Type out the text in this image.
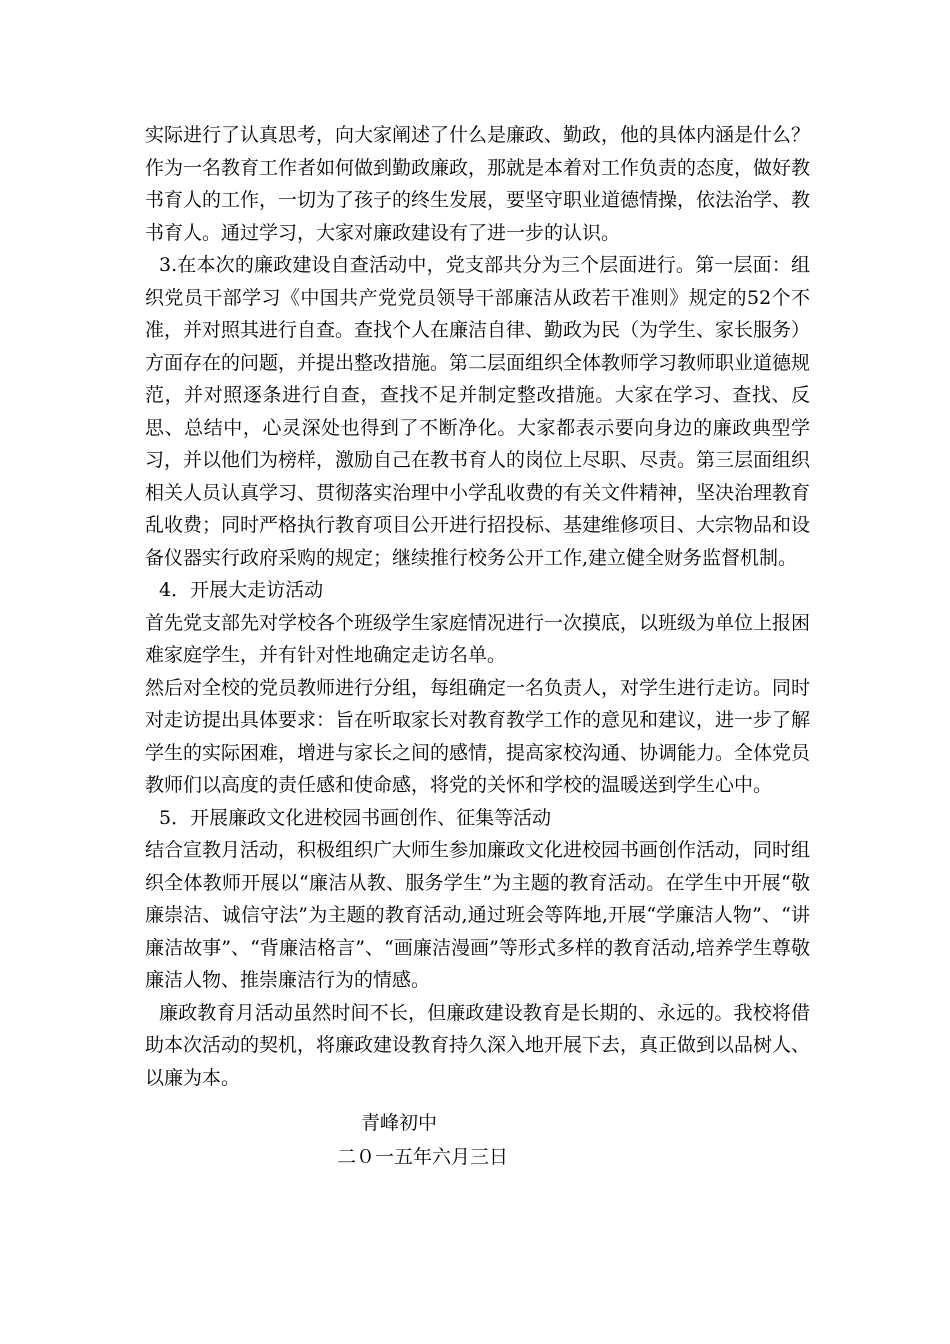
实际进行了认真思考，向大家阐述了什么是廉政、勤政，他的具体内涵是什么？作为一名教育工作者如何做到勤政廉政，那就是本着对工作负责的态度，做好教书育人的工作，一切为了孩子的终生发展，要坚守职业道德情操，依法治学、教书育人。通过学习，大家对廉政建设有了进一步的认识。

3.在本次的廉政建设自查活动中，党支部共分为三个层面进行。第一层面：组织党员干部学习《中国共产党党员领导干部廉洁从政若干准则》规定的52个不准，并对照其进行自查。查找个人在廉洁自律、勤政为民（为学生、家长服务）方面存在的问题，并提出整改措施。第二层面组织全体教师学习教师职业道德规范，并对照逐条进行自查，查找不足并制定整改措施。大家在学习、查找、反思、总结中，心灵深处也得到了不断净化。大家都表示要向身边的廉政典型学习，并以他们为榜样，激励自己在教书育人的岗位上尽职、尽责。第三层面组织相关人员认真学习、贯彻落实治理中小学乱收费的有关文件精神，坚决治理教育乱收费；同时严格执行教育项目公开进行招投标、基建维修项目、大宗物品和设备仪器实行政府采购的规定；继续推行校务公开工作,建立健全财务监督机制。

4．开展大走访活动

首先党支部先对学校各个班级学生家庭情况进行一次摸底，以班级为单位上报困难家庭学生，并有针对性地确定走访名单。

然后对全校的党员教师进行分组，每组确定一名负责人，对学生进行走访。同时对走访提出具体要求：旨在听取家长对教育教学工作的意见和建议，进一步了解学生的实际困难，增进与家长之间的感情，提高家校沟通、协调能力。全体党员教师们以高度的责任感和使命感，将党的关怀和学校的温暖送到学生心中。

5．开展廉政文化进校园书画创作、征集等活动

结合宣教月活动，积极组织广大师生参加廉政文化进校园书画创作活动，同时组织全体教师开展以“廉洁从教、服务学生”为主题的教育活动。在学生中开展“敬廉崇洁、诚信守法”为主题的教育活动,通过班会等阵地,开展“学廉洁人物”、“讲廉洁故事”、“背廉洁格言”、“画廉洁漫画”等形式多样的教育活动,培养学生尊敬廉洁人物、推崇廉洁行为的情感。

廉政教育月活动虽然时间不长，但廉政建设教育是长期的、永远的。我校将借助本次活动的契机，将廉政建设教育持久深入地开展下去，真正做到以品树人、以廉为本。

青峰初中
二０一五年六月三日
